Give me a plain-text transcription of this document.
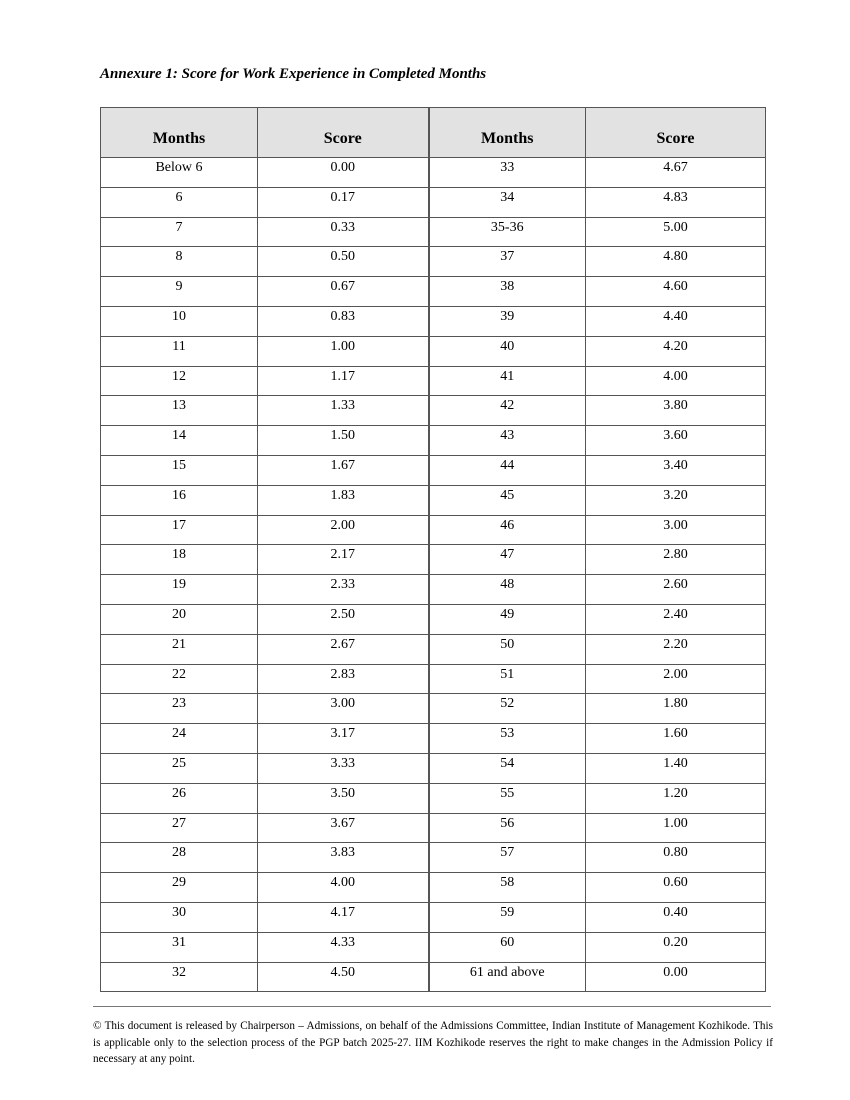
Annexure 1: Score for Work Experience in Completed Months
Months	Score	Months	Score
Below 6	0.00	33	4.67
6	0.17	34	4.83
7	0.33	35-36	5.00
8	0.50	37	4.80
9	0.67	38	4.60
10	0.83	39	4.40
11	1.00	40	4.20
12	1.17	41	4.00
13	1.33	42	3.80
14	1.50	43	3.60
15	1.67	44	3.40
16	1.83	45	3.20
17	2.00	46	3.00
18	2.17	47	2.80
19	2.33	48	2.60
20	2.50	49	2.40
21	2.67	50	2.20
22	2.83	51	2.00
23	3.00	52	1.80
24	3.17	53	1.60
25	3.33	54	1.40
26	3.50	55	1.20
27	3.67	56	1.00
28	3.83	57	0.80
29	4.00	58	0.60
30	4.17	59	0.40
31	4.33	60	0.20
32	4.50	61 and above	0.00
© This document is released by Chairperson – Admissions, on behalf of the Admissions Committee, Indian Institute of Management Kozhikode. This is applicable only to the selection process of the PGP batch 2025-27. IIM Kozhikode reserves the right to make changes in the Admission Policy if necessary at any point.
